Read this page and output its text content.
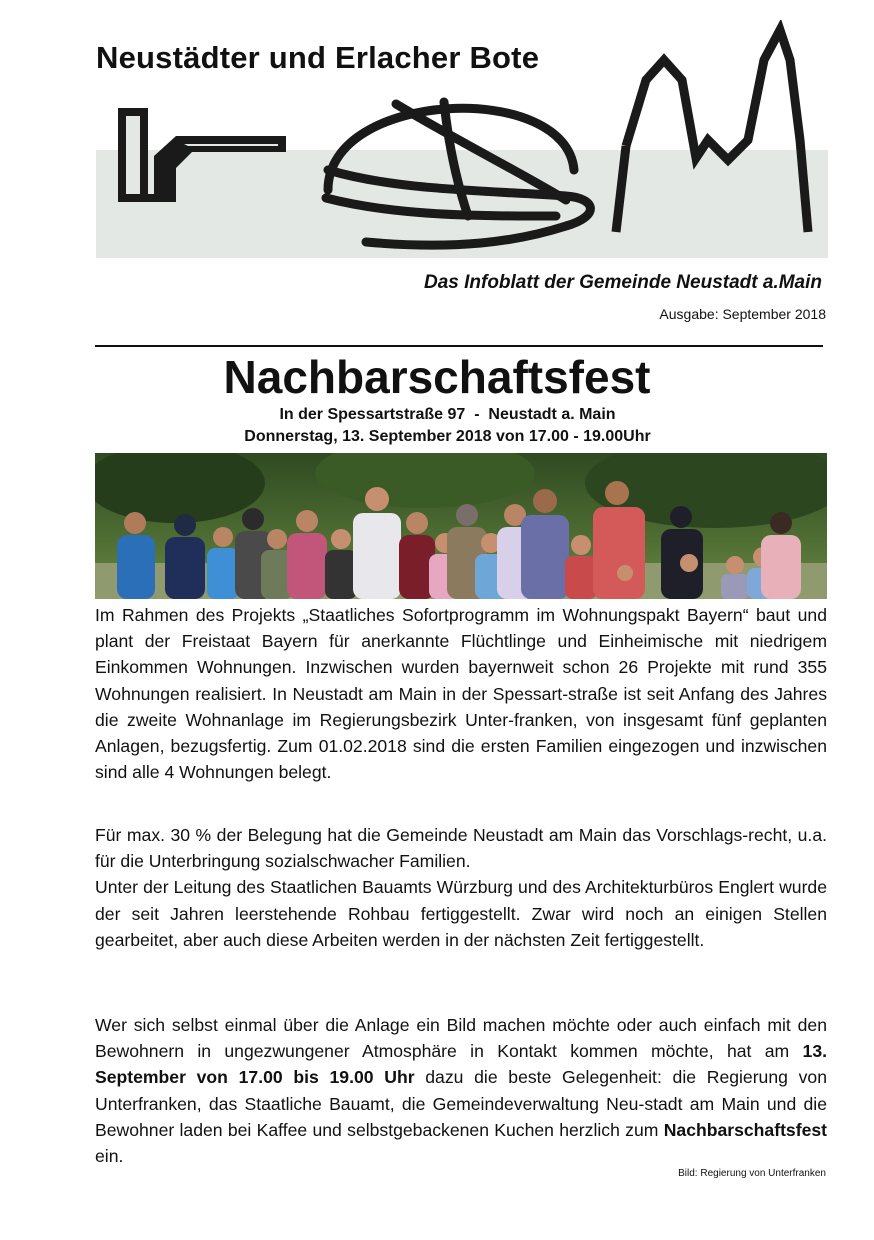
Neustädter und Erlacher Bote
Das Infoblatt der Gemeinde Neustadt a.Main
Ausgabe: September 2018
Nachbarschaftsfest
In der Spessartstraße 97  -  Neustadt a. Main
Donnerstag, 13. September 2018 von 17.00 - 19.00Uhr

Im Rahmen des Projekts „Staatliches Sofortprogramm im Wohnungspakt Bayern“ baut und plant der Freistaat Bayern für anerkannte Flüchtlinge und Einheimische mit niedrigem Einkommen Wohnungen. Inzwischen wurden bayernweit schon 26 Projekte mit rund 355 Wohnungen realisiert. In Neustadt am Main in der Spessart-straße ist seit Anfang des Jahres die zweite Wohnanlage im Regierungsbezirk Unter-franken, von insgesamt fünf geplanten Anlagen, bezugsfertig. Zum 01.02.2018 sind die ersten Familien eingezogen und inzwischen sind alle 4 Wohnungen belegt.

Für max. 30 % der Belegung hat die Gemeinde Neustadt am Main das Vorschlags-recht, u.a. für die Unterbringung sozialschwacher Familien.

Unter der Leitung des Staatlichen Bauamts Würzburg und des Architekturbüros Englert wurde der seit Jahren leerstehende Rohbau fertiggestellt. Zwar wird noch an einigen Stellen gearbeitet, aber auch diese Arbeiten werden in der nächsten Zeit fertiggestellt.

Wer sich selbst einmal über die Anlage ein Bild machen möchte oder auch einfach mit den Bewohnern in ungezwungener Atmosphäre in Kontakt kommen möchte, hat am 13. September von 17.00 bis 19.00 Uhr dazu die beste Gelegenheit: die Regierung von Unterfranken, das Staatliche Bauamt, die Gemeindeverwaltung Neu-stadt am Main und die Bewohner laden bei Kaffee und selbstgebackenen Kuchen herzlich zum Nachbarschaftsfest ein.

Bild: Regierung von Unterfranken
